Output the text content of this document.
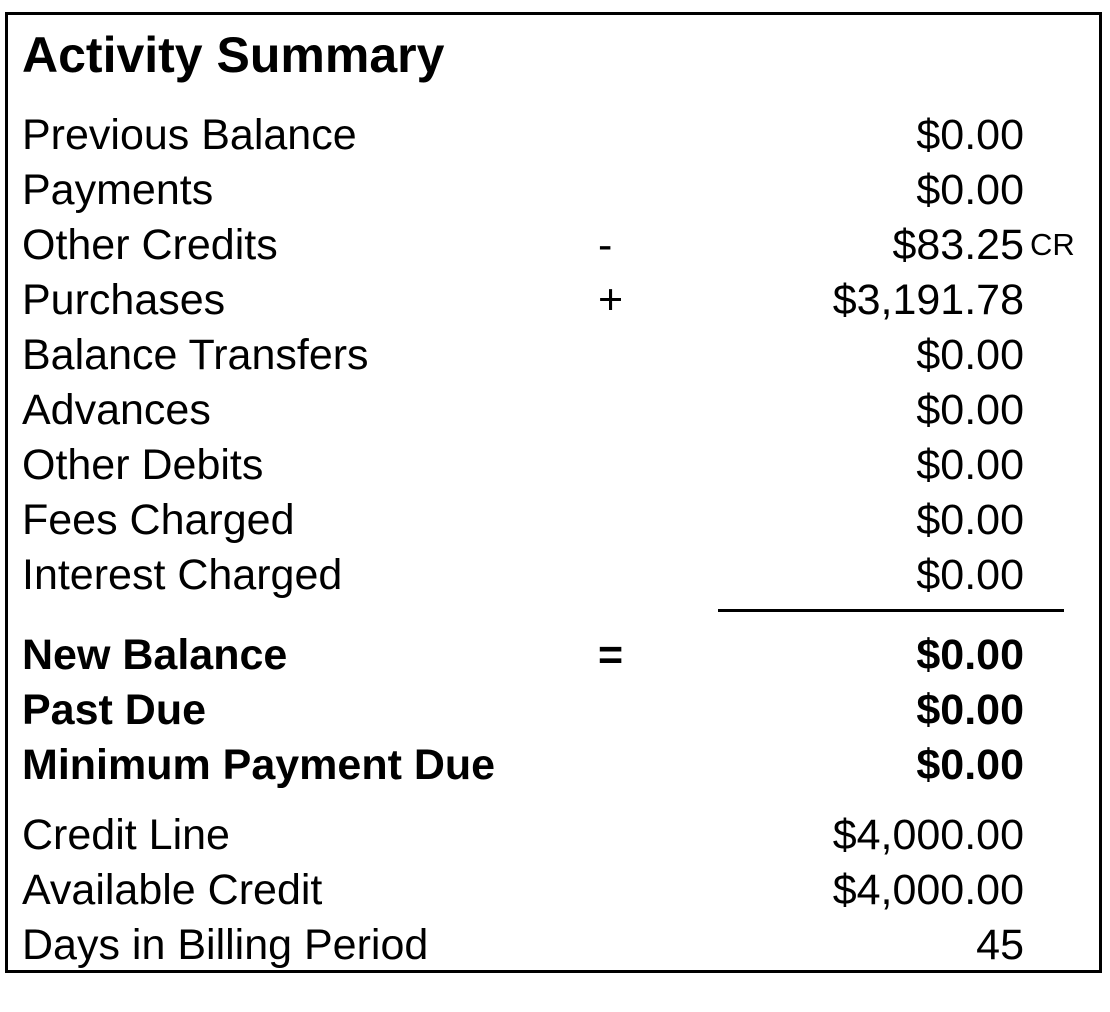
Activity Summary
Previous Balance	$0.00
Payments	$0.00
Other Credits	-	$83.25 CR
Purchases	+	$3,191.78
Balance Transfers	$0.00
Advances	$0.00
Other Debits	$0.00
Fees Charged	$0.00
Interest Charged	$0.00
New Balance	=	$0.00
Past Due	$0.00
Minimum Payment Due	$0.00
Credit Line	$4,000.00
Available Credit	$4,000.00
Days in Billing Period	45
